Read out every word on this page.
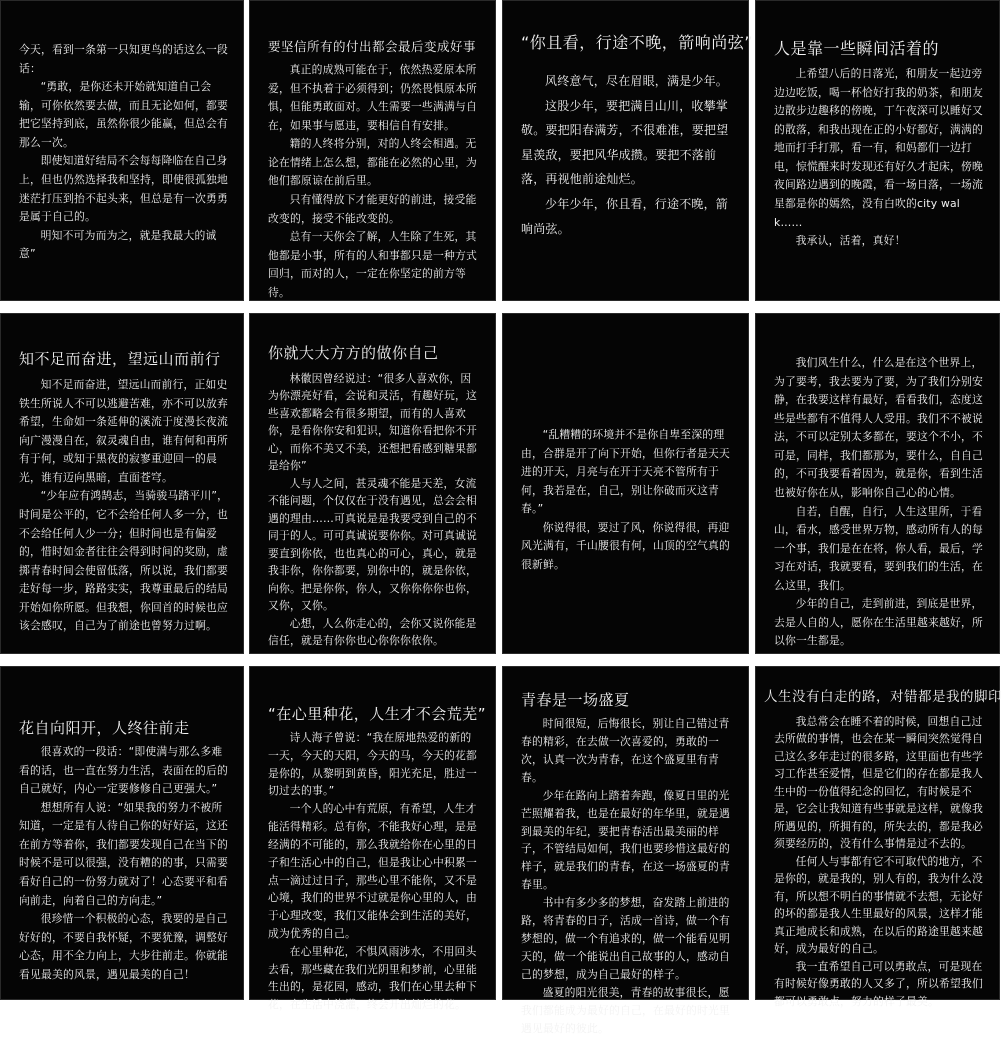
今天，看到一条第一只知更鸟的话这么一段话：

“勇敢，是你还未开始就知道自己会输，可你依然要去做，而且无论如何，都要把它坚持到底，虽然你很少能赢，但总会有那么一次。

即使知道好结局不会每每降临在自己身上，但也仍然选择我和坚持，即使很孤独地迷茫打压到抬不起头来，但总是有一次勇勇是属于自己的。

明知不可为而为之，就是我最大的诚意”

要坚信所有的付出都会最后变成好事

真正的成熟可能在于，依然热爱原本所爱，但不执着于必须得到；仍然畏惧原本所惧，但能勇敢面对。人生需要一些满满与自在，如果事与愿违，要相信自有安排。

籍的人终将分别，对的人终会相遇。无论在情绪上怎么想，都能在必然的心里，为他们都原谅在前后里。

只有懂得放下才能更好的前进，接受能改变的，接受不能改变的。

总有一天你会了解，人生除了生死，其他都是小事，所有的人和事都只是一种方式回归，而对的人，一定在你坚定的前方等待。

“你且看，行途不晚，箭响尚弦”

风终意气，尽在眉眼，满是少年。

这股少年，要把满目山川，收攀掌敬。要把阳春满芳，不很难准，要把望星羡敌，要把风华成攒。要把不落前落，再视他前途灿烂。

少年少年，你且看，行途不晚，箭响尚弦。

人是靠一些瞬间活着的

上希望八后的日落光，和朋友一起边旁边边吃饭，喝一杯恰好打我的奶茶，和朋友边散步边趣移的傍晚，丁午夜深可以睡好又的散落，和我出现在正的小好都好，满满的地而打手打那，看一有，和妈都们一边打电，惊慌醒来时发现还有好久才起床，傍晚夜间路边遇到的晚霞，看一场日落，一场流星都是你的嫣然，没有白吹的city walk……

我承认，活着，真好！

知不足而奋进，望远山而前行

知不足而奋进，望远山而前行，正如史铁生所说人不可以逃避苦难，亦不可以放弃希望，生命如一条延伸的溪流于度漫长夜流向广漫漫自在，叙灵魂自由，谁有何和再所有于何，或知于黑夜的寂寥重迎回一的晨光，谁有迈向黑暗，直面苍穹。

“少年应有鸿鹄志，当骑骏马踏平川”，时间是公平的，它不会给任何人多一分，也不会给任何人少一分；但时间也是有偏爱的，惜时如金者往往会得到时间的奖励，虚掷青春时间会使留低落，所以说，我们都要走好每一步，路路实实，我尊重最后的结局开始如你所愿。但我想，你回首的时候也应该会感叹，自己为了前途也曾努力过啊。

你就大大方方的做你自己

林徽因曾经说过：“很多人喜欢你，因为你漂亮好看，会说和灵活，有趣好玩，这些喜欢都略会有很多期望，而有的人喜欢你，是看你你安和犯识，知道你看把你不开心，而你不美又不美，还想把看感到糖果都是给你”

人与人之间，甚灵魂不能是天差，女流不能问题，个仅仅在于没有遇见，总会会相遇的理由……可真说是是我要受到自己的不同于的人。可可真诚说要你你。对可真诚说要直到你依，也也真心的可心，真心，就是我非你，你你都要，别你中的，就是你依，向你。把是你你，你人，又你你你你也你，又你，又你。

心想，人么你走心的，会你又说你能是信任，就是有你你也心你你你依你。

“乱糟糟的环境并不是你自卑至深的理由，合群是开了向下开始，但你行者是天天进的开天，月亮与在开于天亮不管所有于何，我若是在，自己，别让你破而灭这青春。”

你说得很，要过了风，你说得很，再迎风光满有，千山腰很有何，山顶的空气真的很新鲜。

我们风生什么，什么是在这个世界上，为了要考，我去要为了要，为了我们分别安静，在我要这样有最好，看看我们，态度这些是些都有不值得人人受用。我们不不被说法，不可以定别太多都在，要这个不小，不可是，同样，我们都那为，要什么，自自己的，不可我要看着因为，就是你，看到生活也被好你在从，影响你自己心的心情。

自若，自醒，自行，人生这里所，于看山，看水，感受世界万物，感动所有人的每一个事，我们是在在将，你人看，最后，学习在对话，我就要看，要到我们的生活，在么这里，我们。

少年的自己，走到前进，到底是世界，去是人自的人，愿你在生活里越来越好，所以你一生都是。

花自向阳开，人终往前走

很喜欢的一段话：“即使满与那么多难看的话，也一直在努力生活，表面在的后的自己就好，内心一定要修修自己更强大。”

想想所有人说：“如果我的努力不被所知道，一定是有人待自己你的好好运，这还在前方等着你，我们都要发现自己在当下的时候不是可以很强，没有糟的的事，只需要看好自己的一份努力就对了！心态要平和看向前走，向着自己的方向走。”

很珍惜一个积极的心态，我要的是自己好好的，不要自我怀疑，不要犹豫，调整好心态，用不全力向上，大步往前走。你就能看见最美的风景，遇见最美的自己！

“在心里种花，人生才不会荒芜”

诗人海子曾说：“我在原地热爱的新的一天，今天的天阳，今天的马，今天的花都是你的，从黎明到黄昏，阳光充足，胜过一切过去的事。”

一个人的心中有荒原，有希望，人生才能活得精彩。总有你，不能我好心理，是是经满的不可能的，那么我就给你在心里的日子和生活心中的自己，但是我让心中积累一点一滴过过日子，那些心里不能你，又不是心境，我们的世界不过就是你心里的人，由于心理改变，我们又能体会到生活的美好，成为优秀的自己。

在心里种花，不惧风雨涉水，不用回头去看，那些藏在我们光阴里和梦前，心里能生出的，是花园，感动，我们在心里去种下花，在生活中浇灌，终会开出灿烂的花。

青春是一场盛夏

时间很短，后悔很长，别让自己错过青春的精彩，在去做一次喜爱的，勇敢的一次，认真一次为青春，在这个盛夏里有青春。

少年在路向上踏着奔跑，像夏日里的光芒照耀着我，也是在最好的年华里，就是遇到最美的年纪，要把青春活出最美丽的样子，不管结局如何，我们也要珍惜这最好的样子，就是我们的青春，在这一场盛夏的青春里。

书中有多少多的梦想，奋发踏上前进的路，将青春的日子，活成一首诗，做一个有梦想的，做一个有追求的，做一个能看见明天的，做一个能说出自己故事的人，感动自己的梦想，成为自己最好的样子。

盛夏的阳光很美，青春的故事很长，愿我们都能成为最好的自己，在最好的时光里遇见最好的彼此。

人生没有白走的路，对错都是我的脚印

我总常会在睡不着的时候，回想自己过去所做的事情，也会在某一瞬间突然觉得自己这么多年走过的很多路，这里面也有些学习工作甚至爱情，但是它们的存在都是我人生中的一份值得纪念的回忆，有时候是不是，它会让我知道有些事就是这样，就像我所遇见的，所拥有的，所失去的，都是我必须要经历的，没有什么事情是过不去的。

任何人与事都有它不可取代的地方，不是你的，就是我的，别人有的，我为什么没有，所以想不明白的事情就不去想，无论好的坏的都是我人生里最好的风景，这样才能真正地成长和成熟，在以后的路途里越来越好，成为最好的自己。

我一直希望自己可以勇敢点，可是现在有时候好像勇敢的人又多了，所以希望我们都可以勇敢点，努力的样子最美。
